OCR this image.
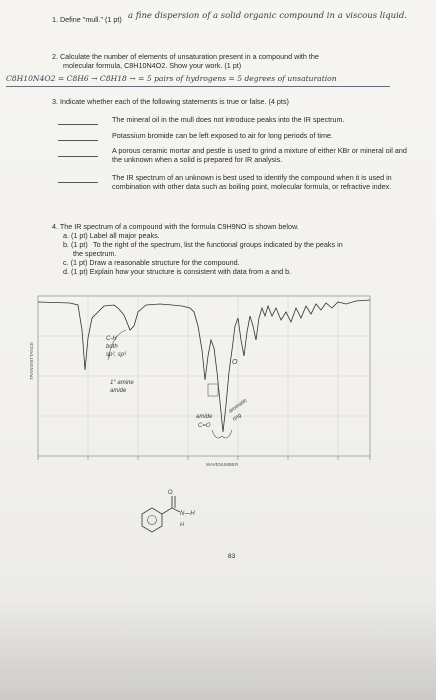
1. Define "mull." (1 pt) a fine dispersion of a solid organic compound in a viscous liquid.
2. Calculate the number of elements of unsaturation present in a compound with the
molecular formula, C8H10N4O2. Show your work. (1 pt)
C8H10N4O2 = C8H6 → C8H18 → = 5 pairs of hydrogens = 5 degrees of unsaturation
3. Indicate whether each of the following statements is true or false. (4 pts)
The mineral oil in the mull does not introduce peaks into the IR spectrum.
Potassium bromide can be left exposed to air for long periods of time.
A porous ceramic mortar and pestle is used to grind a mixture of either KBr or mineral oil and the unknown when a solid is prepared for IR analysis.
The IR spectrum of an unknown is best used to identify the compound when it is used in combination with other data such as boiling point, molecular formula, or refractive index.
4. The IR spectrum of a compound with the formula C9H9NO is shown below.
a. (1 pt) Label all major peaks.
b. (1 pt) To the right of the spectrum, list the functional groups indicated by the peaks in
the spectrum.
c. (1 pt) Draw a reasonable structure for the compound.
d. (1 pt) Explain how your structure is consistent with data from a and b.
TRANSMITTANCE
WAVENUMBER
C-H
both
sp², sp³
1° amine
amide
amide
C=O
aromatic
ring
O
O
N—H
H
83
